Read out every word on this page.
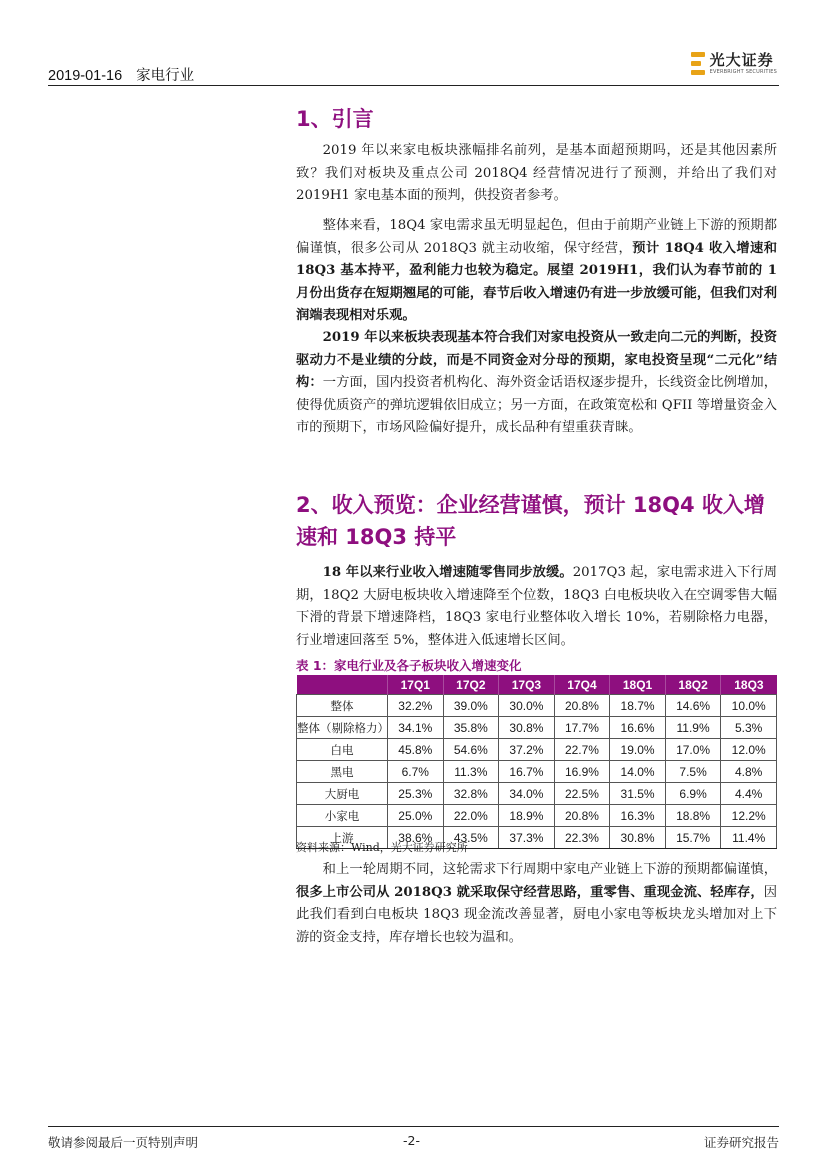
2019-01-16 家电行业
光大证券
EVERBRIGHT SECURITIES
1、引言

2019 年以来家电板块涨幅排名前列，是基本面超预期吗，还是其他因素所致？我们对板块及重点公司 2018Q4 经营情况进行了预测，并给出了我们对 2019H1 家电基本面的预判，供投资者参考。

整体来看，18Q4 家电需求虽无明显起色，但由于前期产业链上下游的预期都偏谨慎，很多公司从 2018Q3 就主动收缩，保守经营，预计 18Q4 收入增速和 18Q3 基本持平，盈利能力也较为稳定。展望 2019H1，我们认为春节前的 1 月份出货存在短期翘尾的可能，春节后收入增速仍有进一步放缓可能，但我们对利润端表现相对乐观。

2019 年以来板块表现基本符合我们对家电投资从一致走向二元的判断，投资驱动力不是业绩的分歧，而是不同资金对分母的预期，家电投资呈现“二元化”结构：一方面，国内投资者机构化、海外资金话语权逐步提升，长线资金比例增加，使得优质资产的弹坑逻辑依旧成立；另一方面，在政策宽松和 QFII 等增量资金入市的预期下，市场风险偏好提升，成长品种有望重获青睐。

2、收入预览：企业经营谨慎，预计 18Q4 收入增
速和 18Q3 持平

18 年以来行业收入增速随零售同步放缓。2017Q3 起，家电需求进入下行周期，18Q2 大厨电板块收入增速降至个位数，18Q3 白电板块收入在空调零售大幅下滑的背景下增速降档，18Q3 家电行业整体收入增长 10%，若剔除格力电器，行业增速回落至 5%，整体进入低速增长区间。

表 1：家电行业及各子板块收入增速变化
	17Q1	17Q2	17Q3	17Q4	18Q1	18Q2	18Q3
整体	32.2%	39.0%	30.0%	20.8%	18.7%	14.6%	10.0%
整体（剔除格力）	34.1%	35.8%	30.8%	17.7%	16.6%	11.9%	5.3%
白电	45.8%	54.6%	37.2%	22.7%	19.0%	17.0%	12.0%
黑电	6.7%	11.3%	16.7%	16.9%	14.0%	7.5%	4.8%
大厨电	25.3%	32.8%	34.0%	22.5%	31.5%	6.9%	4.4%
小家电	25.0%	22.0%	18.9%	20.8%	16.3%	18.8%	12.2%
上游	38.6%	43.5%	37.3%	22.3%	30.8%	15.7%	11.4%
资料来源：Wind，光大证券研究所

和上一轮周期不同，这轮需求下行周期中家电产业链上下游的预期都偏谨慎，很多上市公司从 2018Q3 就采取保守经营思路，重零售、重现金流、轻库存，因此我们看到白电板块 18Q3 现金流改善显著，厨电小家电等板块龙头增加对上下游的资金支持，库存增长也较为温和。

敬请参阅最后一页特别声明	-2-	证券研究报告
